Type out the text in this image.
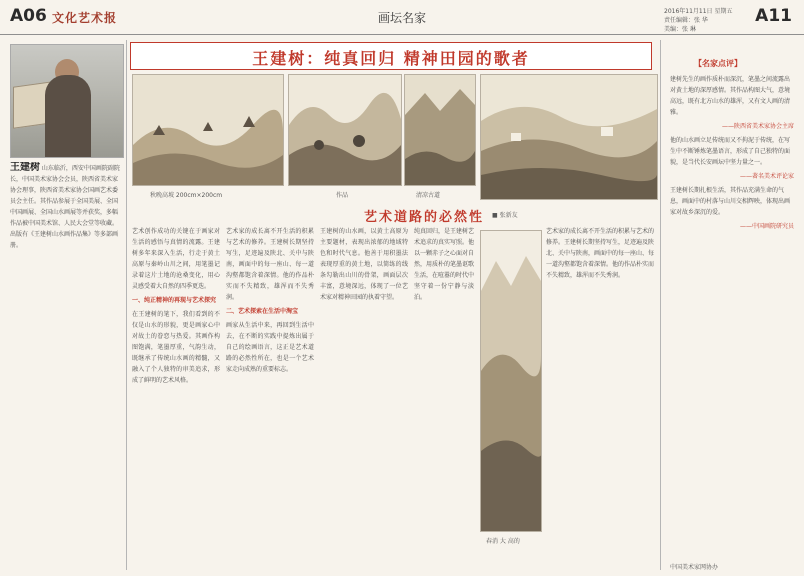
A06 文化艺术报	画坛名家	2016年11月11日 星期五
责任编辑：张 华
美编：张 琳
A11
王建树 山东临沂，西安中国画院副院长，中国美术家协会会员，陕西省美术家协会理事，陕西省美术家协会国画艺术委员会主任。其作品参展于全国美展、全国中国画展、全国山水画展等并获奖，多幅作品被中国美术馆、人民大会堂等收藏。出版有《王建树山水画作品集》等多部画册。
王建树：纯真回归 精神田园的歌者
秋晚高坡 200cm×200cm	作品	清凉古道
艺术道路的必然性 ■ 张新友
艺术创作成功的关键在于画家对生活的感悟与真情的流露。王建树多年来深入生活，行走于黄土高原与秦岭山川之间，用笔墨记录着这片土地的沧桑变化，用心灵感受着大自然的四季更迭。
一、纯正精神的再现与艺术探究
在王建树的笔下，我们看到的不仅是山水的形貌，更是画家心中对故土的眷恋与热爱。其画作构图饱满，笔墨厚重，气韵生动，既继承了传统山水画的精髓，又融入了个人独特的审美追求，形成了鲜明的艺术风格。
艺术家的成长离不开生活的积累与艺术的修养。王建树长期坚持写生，足迹遍及陕北、关中与陕南，画面中的每一座山、每一道沟壑都饱含着深情。他的作品朴实而不失精致，雄浑而不失秀润。
二、艺术探索在生活中淘宝
画家从生活中来，再回到生活中去，在不断的实践中提炼出属于自己的绘画语言，这正是艺术道路的必然性所在，也是一个艺术家走向成熟的重要标志。
王建树的山水画，以黄土高原为主要题材，表现出浓郁的地域特色和时代气息。他善于用积墨法表现厚重的黄土地，以简练的线条勾勒出山川的骨架，画面层次丰富，意境深远，体现了一位艺术家对精神田园的执着守望。
纯真回归，是王建树艺术追求的真实写照。他以一颗赤子之心面对自然，用质朴的笔墨讴歌生活，在喧嚣的时代中坚守着一份宁静与淡泊。
春消 大 高的
艺术家的成长离不开生活的积累与艺术的修养。王建树长期坚持写生，足迹遍及陕北、关中与陕南，画面中的每一座山、每一道沟壑都饱含着深情。他的作品朴实而不失精致，雄浑而不失秀润。
【名家点评】
建树先生的画作质朴而深沉，笔墨之间流露出对黄土地的深厚感情。其作品构图大气，意境高远，既有北方山水的雄浑，又有文人画的清雅。
——陕西省美术家协会主席
他的山水画立足传统而又不拘泥于传统，在写生中不断锤炼笔墨语言，形成了自己独特的面貌，是当代长安画坛中坚力量之一。
——著名美术评论家
王建树长期扎根生活，其作品充满生命的气息，画面中的村落与山川交相辉映，体现出画家对故乡深沉的爱。
——中国画院研究员
中国美术家网协办
